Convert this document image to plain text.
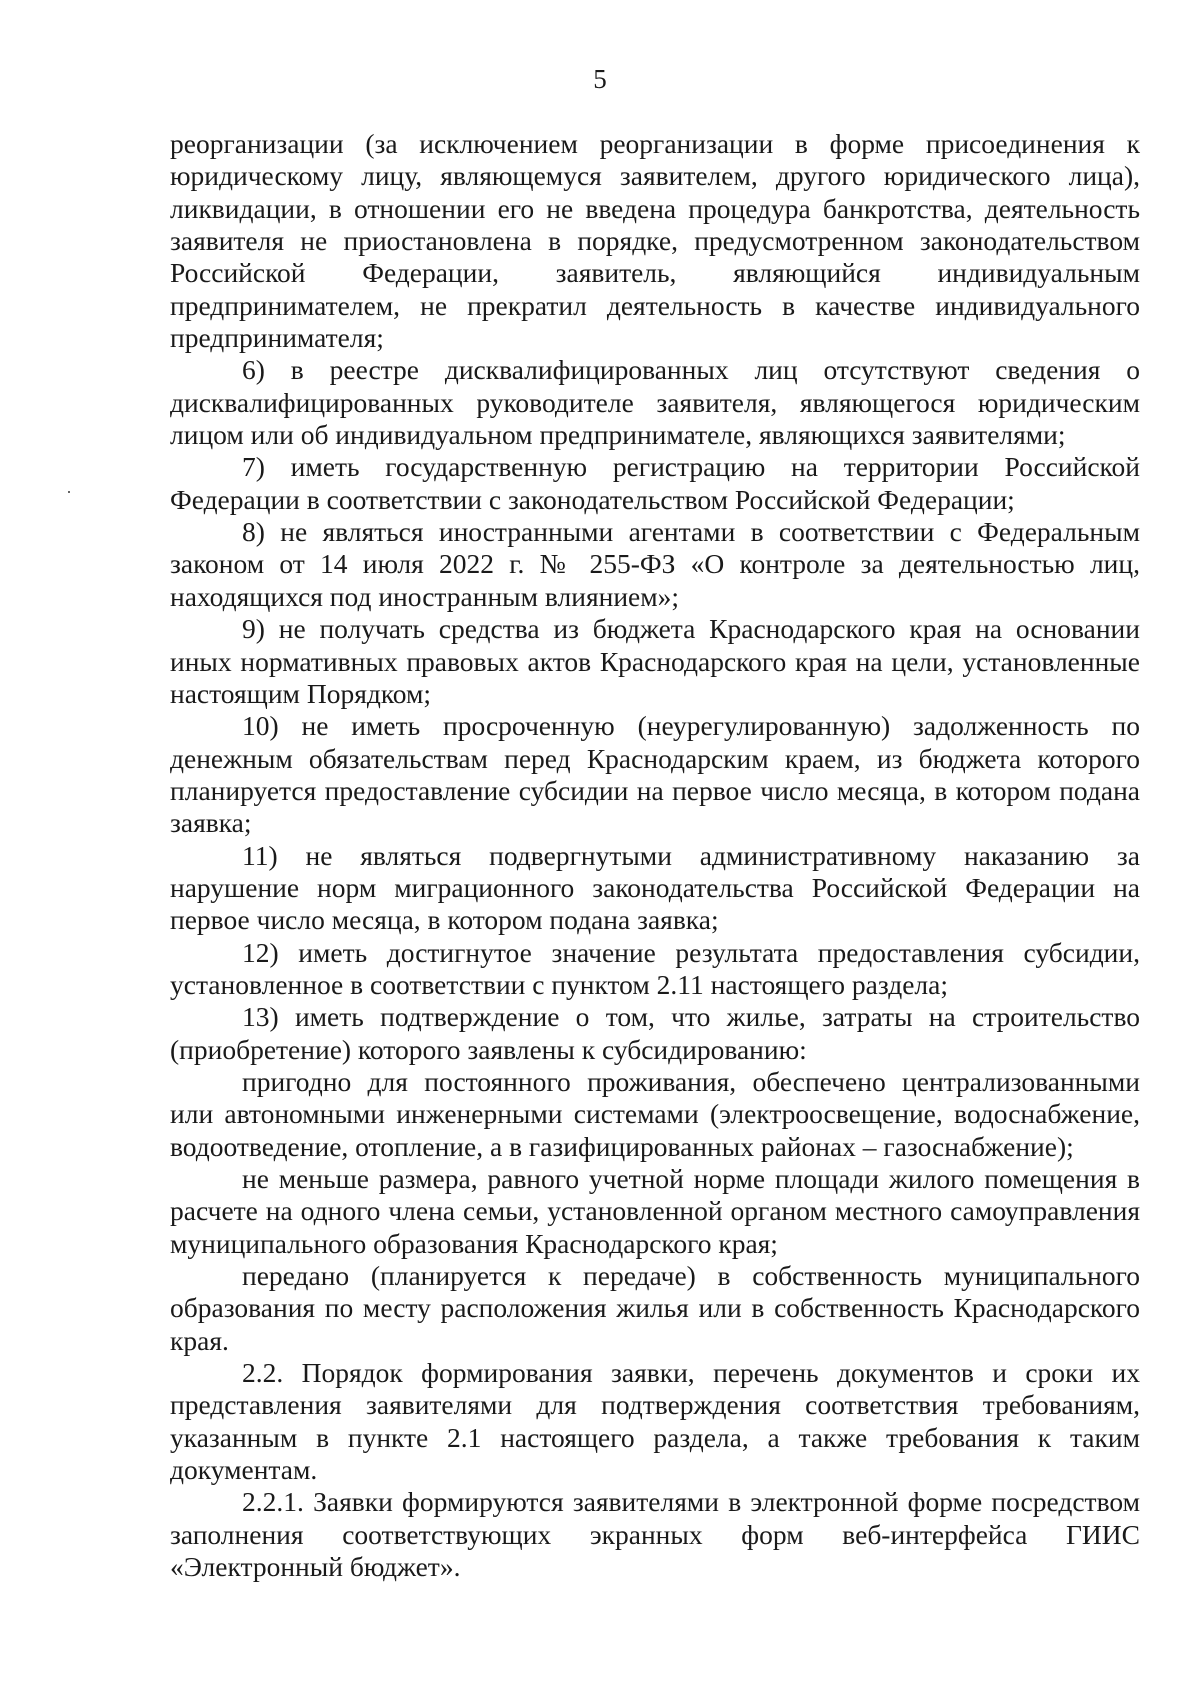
5

реорганизации (за исключением реорганизации в форме присоединения к юридическому лицу, являющемуся заявителем, другого юридического лица), ликвидации, в отношении его не введена процедура банкротства, деятельность заявителя не приостановлена в порядке, предусмотренном законодательством Российской Федерации, заявитель, являющийся индивидуальным предпринимателем, не прекратил деятельность в качестве индивидуального предпринимателя;

6) в реестре дисквалифицированных лиц отсутствуют сведения о дисквалифицированных руководителе заявителя, являющегося юридическим лицом или об индивидуальном предпринимателе, являющихся заявителями;

7) иметь государственную регистрацию на территории Российской Федерации в соответствии с законодательством Российской Федерации;

8) не являться иностранными агентами в соответствии с Федеральным законом от 14 июля 2022 г. № 255-ФЗ «О контроле за деятельностью лиц, находящихся под иностранным влиянием»;

9) не получать средства из бюджета Краснодарского края на основании иных нормативных правовых актов Краснодарского края на цели, установленные настоящим Порядком;

10) не иметь просроченную (неурегулированную) задолженность по денежным обязательствам перед Краснодарским краем, из бюджета которого планируется предоставление субсидии на первое число месяца, в котором подана заявка;

11) не являться подвергнутыми административному наказанию за нарушение норм миграционного законодательства Российской Федерации на первое число месяца, в котором подана заявка;

12) иметь достигнутое значение результата предоставления субсидии, установленное в соответствии с пунктом 2.11 настоящего раздела;

13) иметь подтверждение о том, что жилье, затраты на строительство (приобретение) которого заявлены к субсидированию:

пригодно для постоянного проживания, обеспечено централизованными или автономными инженерными системами (электроосвещение, водоснабжение, водоотведение, отопление, а в газифицированных районах – газоснабжение);

не меньше размера, равного учетной норме площади жилого помещения в расчете на одного члена семьи, установленной органом местного самоуправления муниципального образования Краснодарского края;

передано (планируется к передаче) в собственность муниципального образования по месту расположения жилья или в собственность Краснодарского края.

2.2. Порядок формирования заявки, перечень документов и сроки их представления заявителями для подтверждения соответствия требованиям, указанным в пункте 2.1 настоящего раздела, а также требования к таким документам.

2.2.1. Заявки формируются заявителями в электронной форме посредством заполнения соответствующих экранных форм веб-интерфейса ГИИС «Электронный бюджет».
